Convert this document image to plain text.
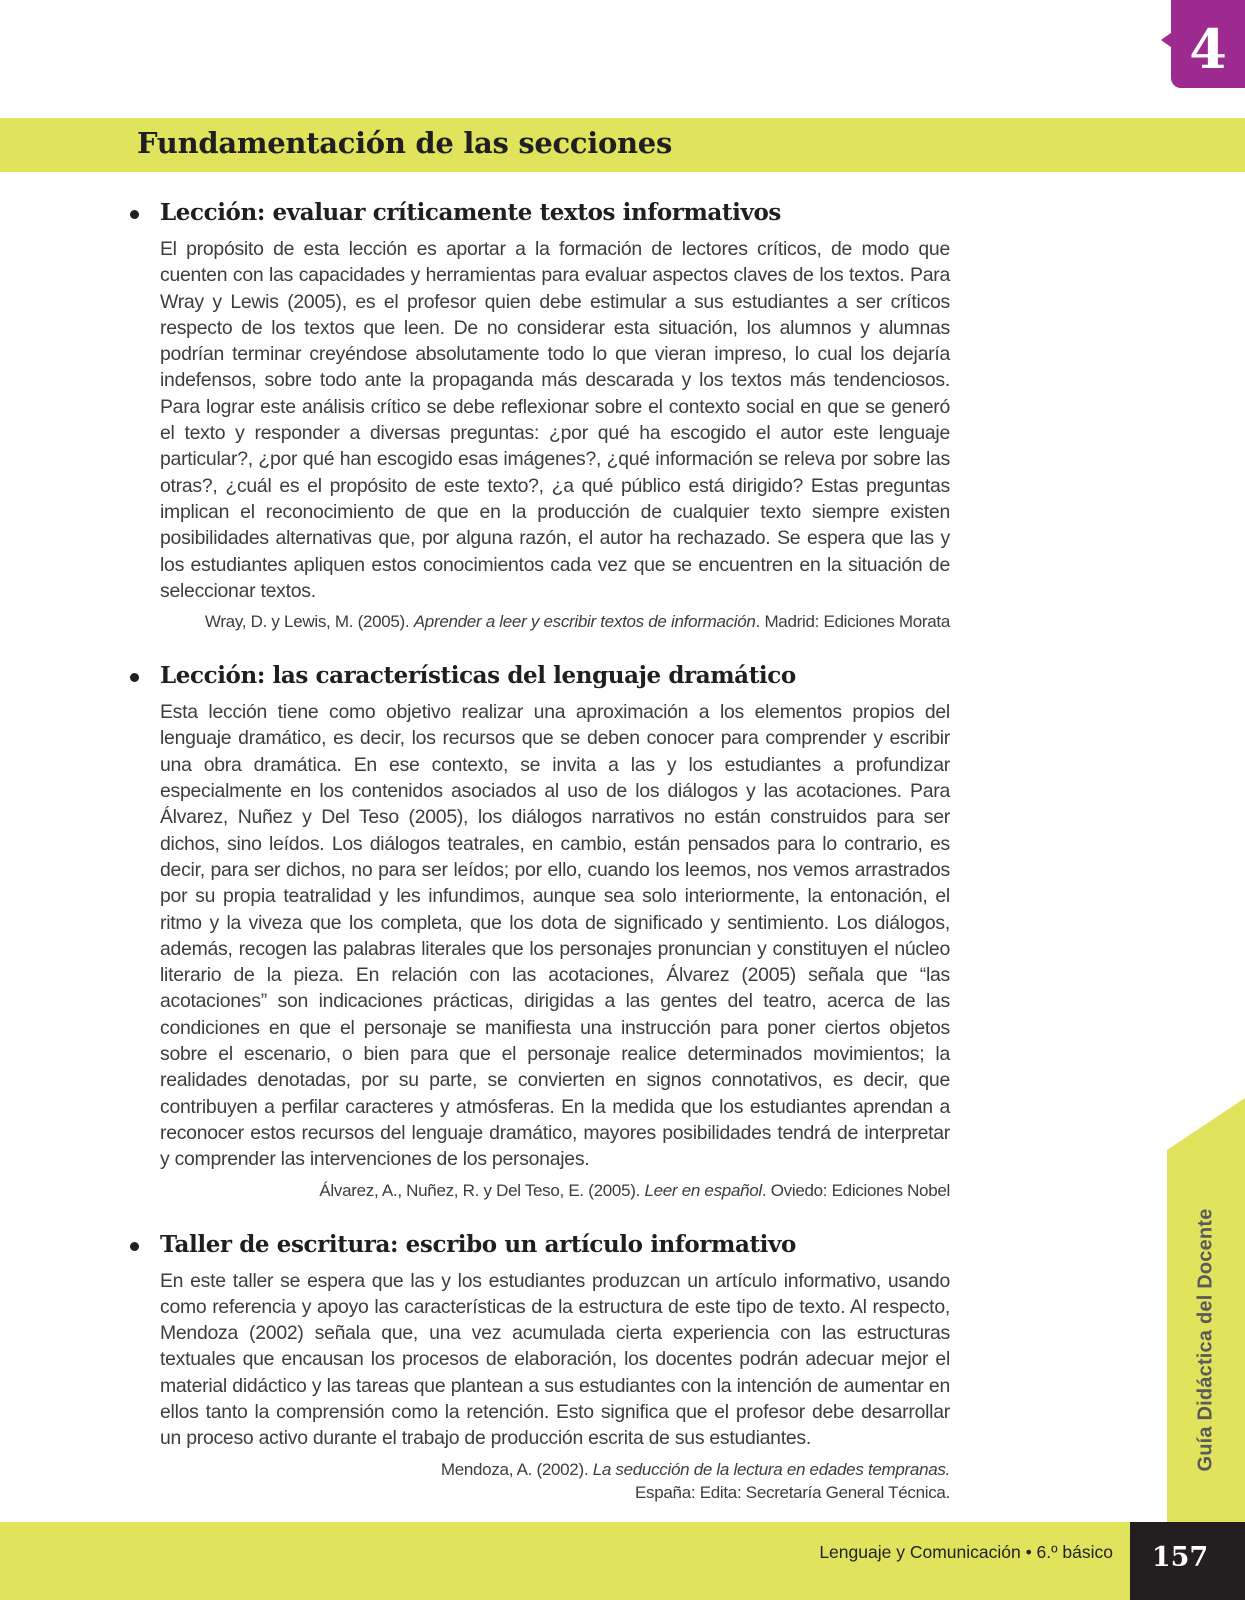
4
Fundamentación de las secciones
Lección: evaluar críticamente textos informativos

El propósito de esta lección es aportar a la formación de lectores críticos, de modo que cuenten con las capacidades y herramientas para evaluar aspectos claves de los textos. Para Wray y Lewis (2005), es el profesor quien debe estimular a sus estudiantes a ser críticos respecto de los textos que leen. De no considerar esta situación, los alumnos y alumnas podrían terminar creyéndose absolutamente todo lo que vieran impreso, lo cual los dejaría indefensos, sobre todo ante la propaganda más descarada y los textos más tendenciosos. Para lograr este análisis crítico se debe reflexionar sobre el contexto social en que se generó el texto y responder a diversas preguntas: ¿por qué ha escogido el autor este lenguaje particular?, ¿por qué han escogido esas imágenes?, ¿qué información se releva por sobre las otras?, ¿cuál es el propósito de este texto?, ¿a qué público está dirigido? Estas preguntas implican el reconocimiento de que en la producción de cualquier texto siempre existen posibilidades alternativas que, por alguna razón, el autor ha rechazado. Se espera que las y los estudiantes apliquen estos conocimientos cada vez que se encuentren en la situación de seleccionar textos.

Wray, D. y Lewis, M. (2005). Aprender a leer y escribir textos de información. Madrid: Ediciones Morata
Lección: las características del lenguaje dramático

Esta lección tiene como objetivo realizar una aproximación a los elementos propios del lenguaje dramático, es decir, los recursos que se deben conocer para comprender y escribir una obra dramática. En ese contexto, se invita a las y los estudiantes a profundizar especialmente en los contenidos asociados al uso de los diálogos y las acotaciones. Para Álvarez, Nuñez y Del Teso (2005), los diálogos narrativos no están construidos para ser dichos, sino leídos. Los diálogos teatrales, en cambio, están pensados para lo contrario, es decir, para ser dichos, no para ser leídos; por ello, cuando los leemos, nos vemos arrastrados por su propia teatralidad y les infundimos, aunque sea solo interiormente, la entonación, el ritmo y la viveza que los completa, que los dota de significado y sentimiento. Los diálogos, además, recogen las palabras literales que los personajes pronuncian y constituyen el núcleo literario de la pieza. En relación con las acotaciones, Álvarez (2005) señala que “las acotaciones” son indicaciones prácticas, dirigidas a las gentes del teatro, acerca de las condiciones en que el personaje se manifiesta una instrucción para poner ciertos objetos sobre el escenario, o bien para que el personaje realice determinados movimientos; la realidades denotadas, por su parte, se convierten en signos connotativos, es decir, que contribuyen a perfilar caracteres y atmósferas. En la medida que los estudiantes aprendan a reconocer estos recursos del lenguaje dramático, mayores posibilidades tendrá de interpretar y comprender las intervenciones de los personajes.

Álvarez, A., Nuñez, R. y Del Teso, E. (2005). Leer en español. Oviedo: Ediciones Nobel
Taller de escritura: escribo un artículo informativo

En este taller se espera que las y los estudiantes produzcan un artículo informativo, usando como referencia y apoyo las características de la estructura de este tipo de texto. Al respecto, Mendoza (2002) señala que, una vez acumulada cierta experiencia con las estructuras textuales que encausan los procesos de elaboración, los docentes podrán adecuar mejor el material didáctico y las tareas que plantean a sus estudiantes con la intención de aumentar en ellos tanto la comprensión como la retención. Esto significa que el profesor debe desarrollar un proceso activo durante el trabajo de producción escrita de sus estudiantes.

Mendoza, A. (2002). La seducción de la lectura en edades tempranas.
España: Edita: Secretaría General Técnica.
Guía Didáctica del Docente
Lenguaje y Comunicación • 6.º básico	157
